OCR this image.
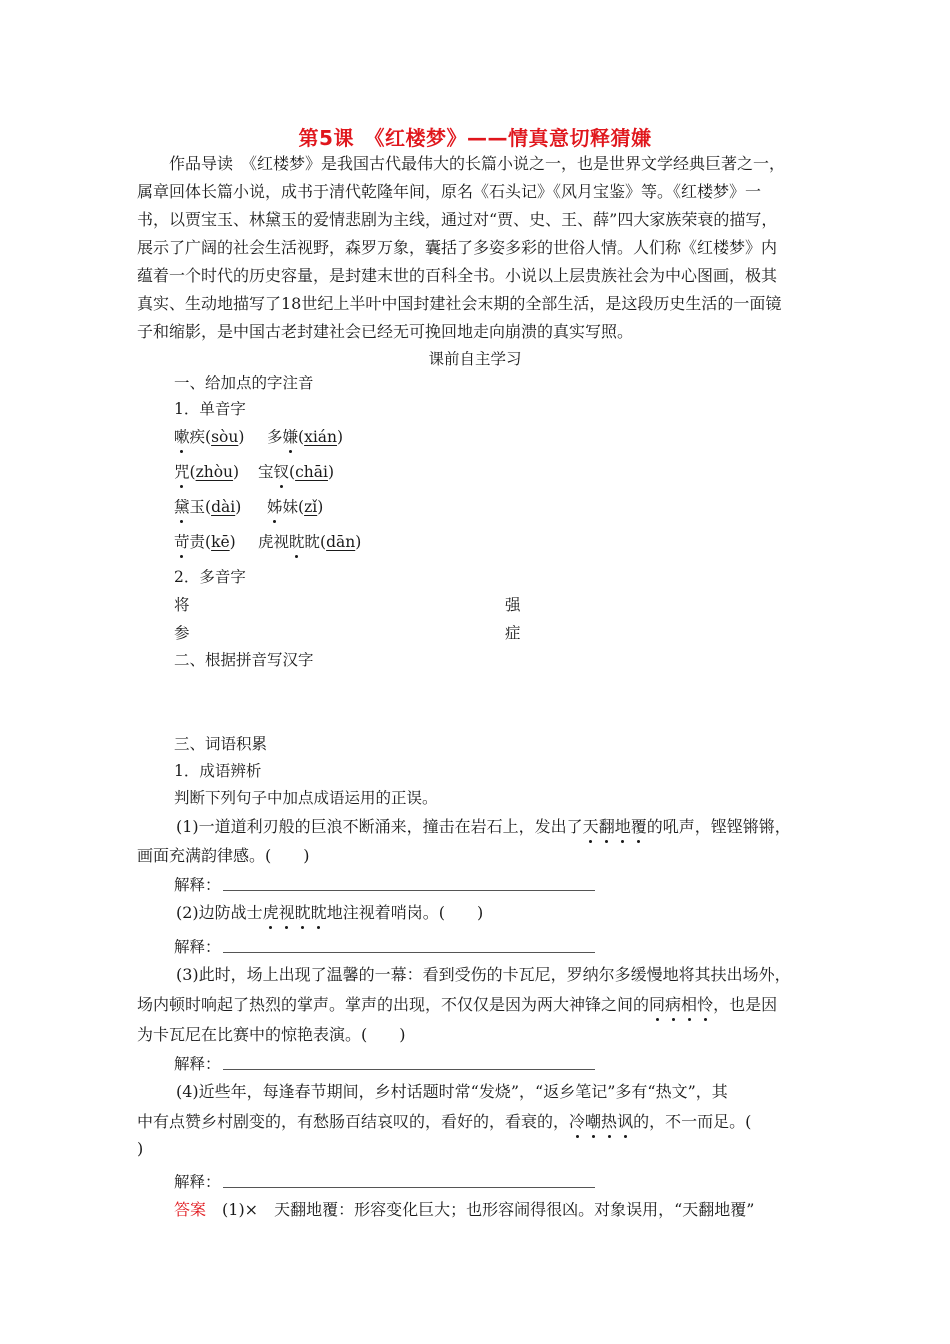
第5课　《红楼梦》——情真意切释猜嫌
　　作品导读　《红楼梦》是我国古代最伟大的长篇小说之一，也是世界文学经典巨著之一，
属章回体长篇小说，成书于清代乾隆年间，原名《石头记》《风月宝鉴》等。《红楼梦》一
书，以贾宝玉、林黛玉的爱情悲剧为主线，通过对“贾、史、王、薛”四大家族荣衰的描写，
展示了广阔的社会生活视野，森罗万象，囊括了多姿多彩的世俗人情。人们称《红楼梦》内
蕴着一个时代的历史容量，是封建末世的百科全书。小说以上层贵族社会为中心图画，极其
真实、生动地描写了18世纪上半叶中国封建社会末期的全部生活，是这段历史生活的一面镜
子和缩影，是中国古老封建社会已经无可挽回地走向崩溃的真实写照。
课前自主学习
一、给加点的字注音
1．单音字
嗽疾(sòu) 多嫌(xián)
咒(zhòu) 宝钗(chāi)
黛玉(dài) 姊妹(zǐ)
苛责(kē) 虎视眈眈(dān)
2．多音字
将	强
参	症
二、根据拼音写汉字
三、词语积累
1．成语辨析
判断下列句子中加点成语运用的正误。
　(1)一道道利刃般的巨浪不断涌来，撞击在岩石上，发出了天翻地覆的吼声，铿铿锵锵，
画面充满韵律感。(　　)
解释：
　(2)边防战士虎视眈眈地注视着哨岗。(　　)
解释：
　(3)此时，场上出现了温馨的一幕：看到受伤的卡瓦尼，罗纳尔多缓慢地将其扶出场外，
场内顿时响起了热烈的掌声。掌声的出现，不仅仅是因为两大神锋之间的同病相怜，也是因
为卡瓦尼在比赛中的惊艳表演。(　　)
解释：
　(4)近些年，每逢春节期间，乡村话题时常“发烧”，“返乡笔记”多有“热文”，其
中有点赞乡村剧变的，有愁肠百结哀叹的，看好的，看衰的，冷嘲热讽的，不一而足。(
)
解释：
答案　(1)×　天翻地覆：形容变化巨大；也形容闹得很凶。对象误用，“天翻地覆”
